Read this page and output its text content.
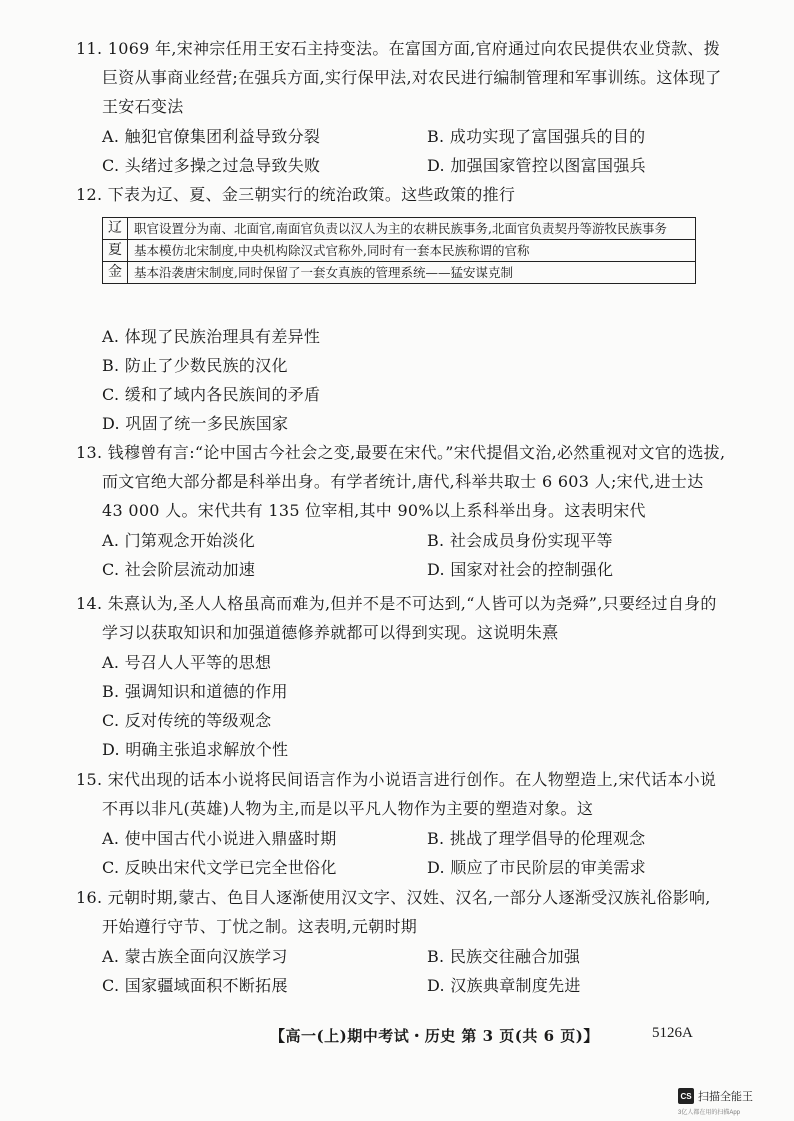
11. 1069 年,宋神宗任用王安石主持变法。在富国方面,官府通过向农民提供农业贷款、拨巨资从事商业经营;在强兵方面,实行保甲法,对农民进行编制管理和军事训练。这体现了王安石变法

A. 触犯官僚集团利益导致分裂	B. 成功实现了富国强兵的目的
C. 头绪过多操之过急导致失败	D. 加强国家管控以图富国强兵

12. 下表为辽、夏、金三朝实行的统治政策。这些政策的推行

辽	职官设置分为南、北面官,南面官负责以汉人为主的农耕民族事务,北面官负责契丹等游牧民族事务
夏	基本模仿北宋制度,中央机构除汉式官称外,同时有一套本民族称谓的官称
金	基本沿袭唐宋制度,同时保留了一套女真族的管理系统——猛安谋克制
A. 体现了民族治理具有差异性
B. 防止了少数民族的汉化
C. 缓和了域内各民族间的矛盾
D. 巩固了统一多民族国家

13. 钱穆曾有言:“论中国古今社会之变,最要在宋代。”宋代提倡文治,必然重视对文官的选拔,而文官绝大部分都是科举出身。有学者统计,唐代,科举共取士 6 603 人;宋代,进士达 43 000 人。宋代共有 135 位宰相,其中 90%以上系科举出身。这表明宋代

A. 门第观念开始淡化	B. 社会成员身份实现平等
C. 社会阶层流动加速	D. 国家对社会的控制强化

14. 朱熹认为,圣人人格虽高而难为,但并不是不可达到,“人皆可以为尧舜”,只要经过自身的学习以获取知识和加强道德修养就都可以得到实现。这说明朱熹

A. 号召人人平等的思想
B. 强调知识和道德的作用
C. 反对传统的等级观念
D. 明确主张追求解放个性

15. 宋代出现的话本小说将民间语言作为小说语言进行创作。在人物塑造上,宋代话本小说不再以非凡(英雄)人物为主,而是以平凡人物作为主要的塑造对象。这

A. 使中国古代小说进入鼎盛时期	B. 挑战了理学倡导的伦理观念
C. 反映出宋代文学已完全世俗化	D. 顺应了市民阶层的审美需求

16. 元朝时期,蒙古、色目人逐渐使用汉文字、汉姓、汉名,一部分人逐渐受汉族礼俗影响,开始遵行守节、丁忧之制。这表明,元朝时期

A. 蒙古族全面向汉族学习	B. 民族交往融合加强
C. 国家疆域面积不断拓展	D. 汉族典章制度先进
【高一(上)期中考试・历史 第 3 页(共 6 页)】	5126A
CS 扫描全能王
3亿人都在用的扫描App
